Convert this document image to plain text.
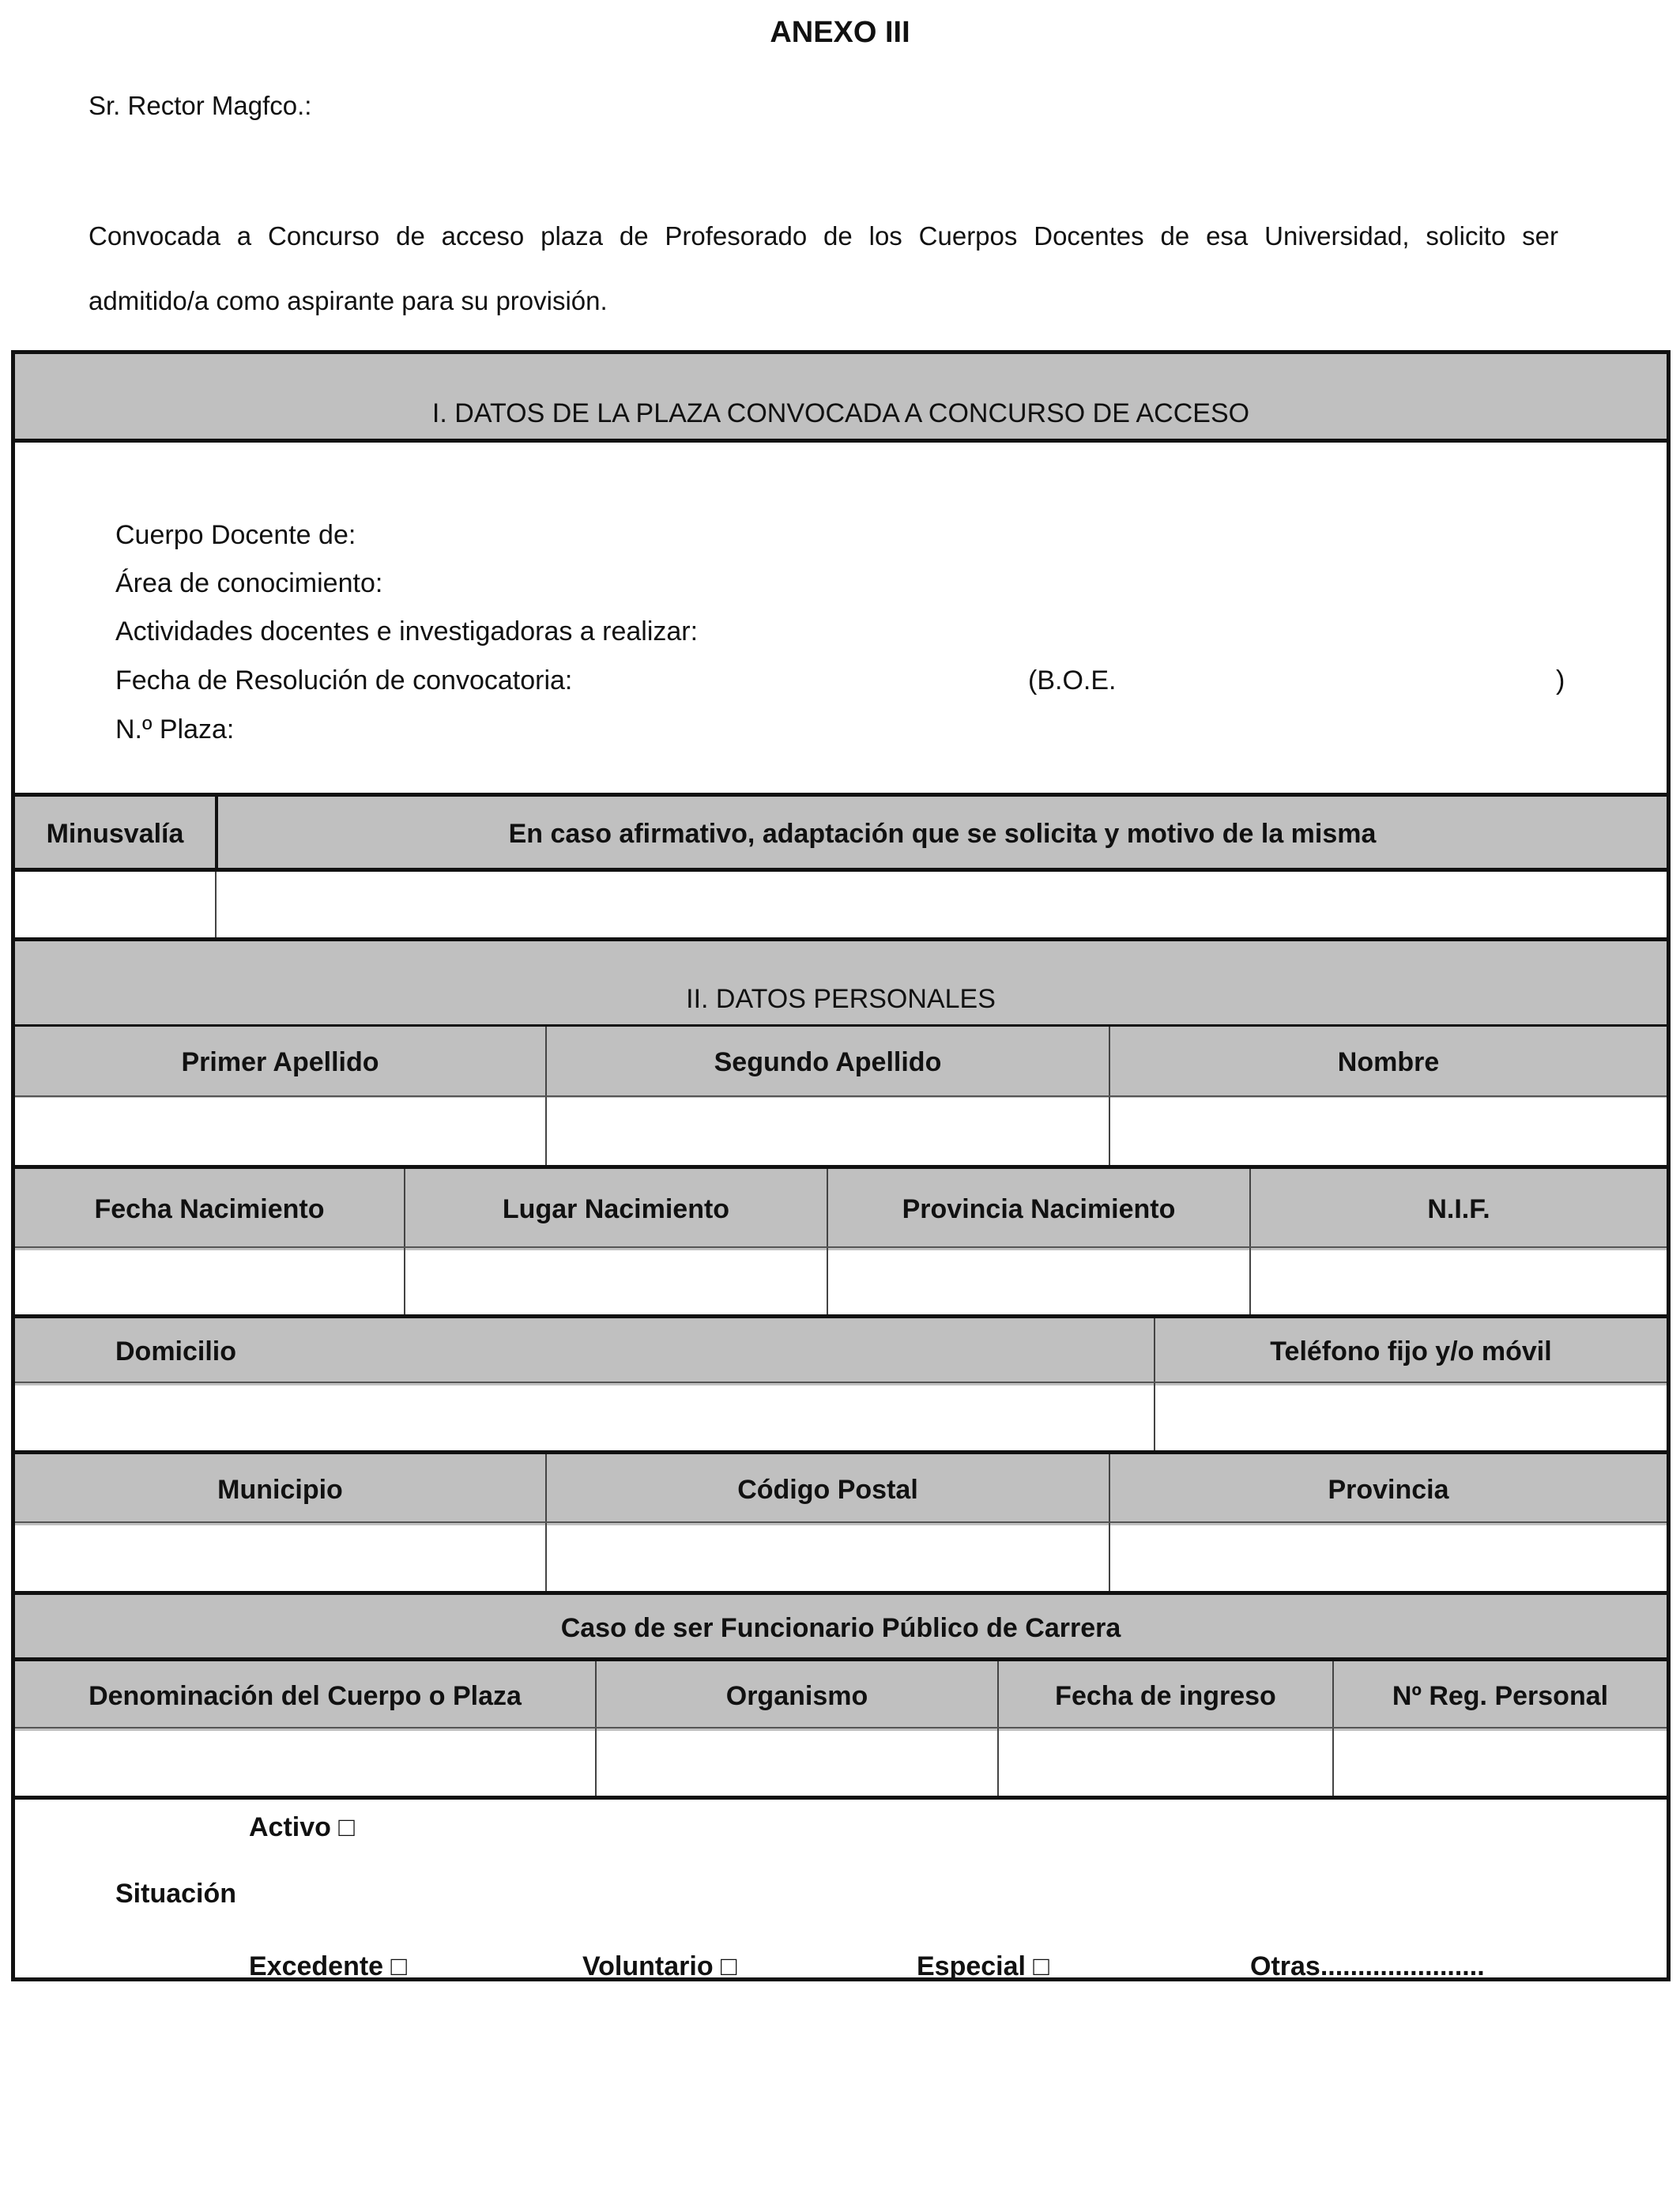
ANEXO III
Sr. Rector Magfco.:
Convocada a Concurso de acceso plaza de Profesorado de los Cuerpos Docentes de esa Universidad, solicito ser
admitido/a como aspirante para su provisión.
I. DATOS DE LA PLAZA CONVOCADA A CONCURSO DE ACCESO
Cuerpo Docente de:
Área de conocimiento:
Actividades docentes e investigadoras a realizar:
Fecha de Resolución de convocatoria:	(B.O.E.	)
N.º Plaza:
Minusvalía	En caso afirmativo, adaptación que se solicita y motivo de la misma
II. DATOS PERSONALES
Primer Apellido	Segundo Apellido	Nombre
Fecha Nacimiento	Lugar Nacimiento	Provincia Nacimiento	N.I.F.
Domicilio	Teléfono fijo y/o móvil
Municipio	Código Postal	Provincia
Caso de ser Funcionario Público de Carrera
Denominación del Cuerpo o Plaza	Organismo	Fecha de ingreso	Nº Reg. Personal
Activo □
Situación
Excedente □	Voluntario □	Especial □	Otras......................
